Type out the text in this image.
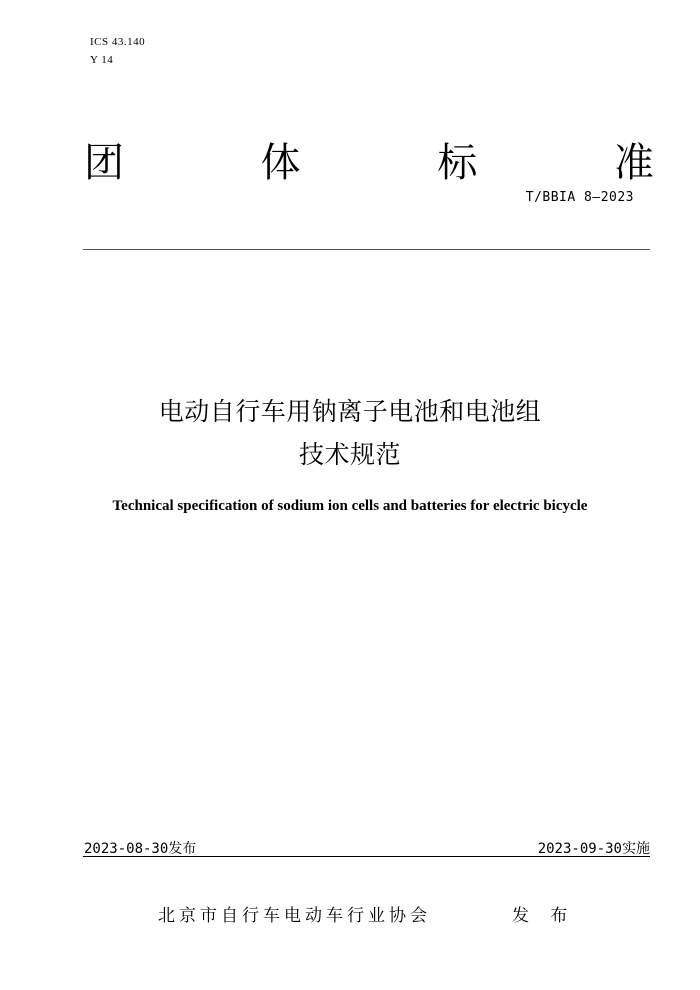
ICS 43.140
Y 14
团	体	标	准
T/BBIA 8—2023
电动自行车用钠离子电池和电池组
技术规范
Technical specification of sodium ion cells and batteries for electric bicycle
2023-08-30发布	2023-09-30实施
北京市自行车电动车行业协会	发 布
